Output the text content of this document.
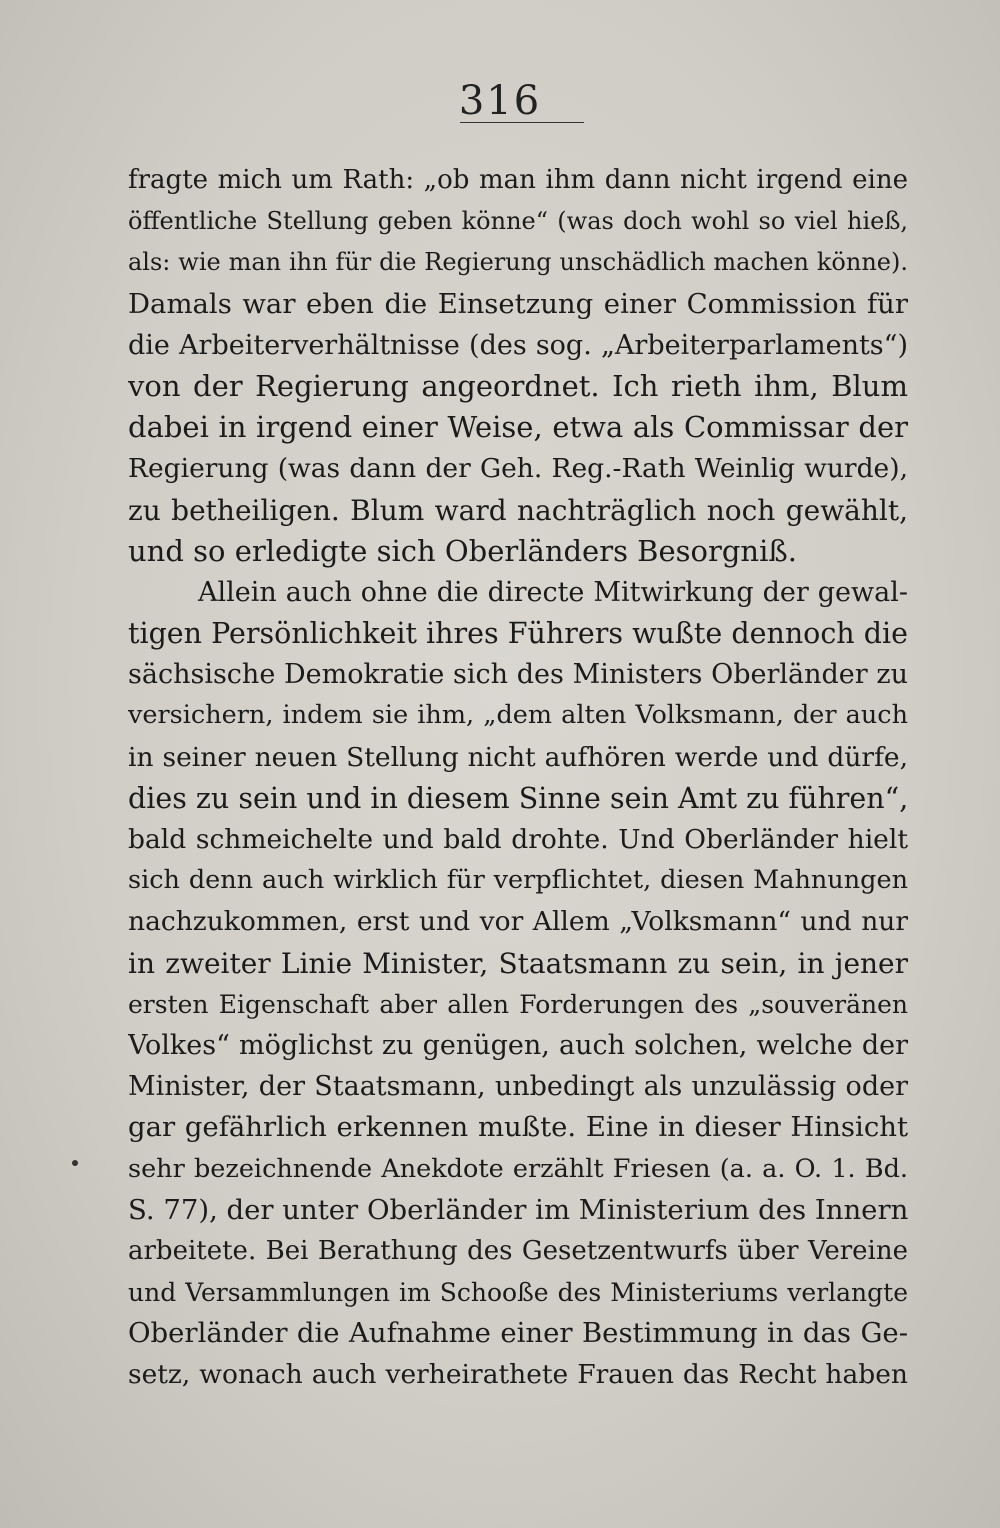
316
fragte mich um Rath: „ob man ihm dann nicht irgend eine
öffentliche Stellung geben könne“ (was doch wohl so viel hieß,
als: wie man ihn für die Regierung unschädlich machen könne).
Damals war eben die Einsetzung einer Commission für
die Arbeiterverhältnisse (des sog. „Arbeiterparlaments“)
von der Regierung angeordnet. Ich rieth ihm, Blum
dabei in irgend einer Weise, etwa als Commissar der
Regierung (was dann der Geh. Reg.-Rath Weinlig wurde),
zu betheiligen. Blum ward nachträglich noch gewählt,
und so erledigte sich Oberländers Besorgniß.
Allein auch ohne die directe Mitwirkung der gewal-
tigen Persönlichkeit ihres Führers wußte dennoch die
sächsische Demokratie sich des Ministers Oberländer zu
versichern, indem sie ihm, „dem alten Volksmann, der auch
in seiner neuen Stellung nicht aufhören werde und dürfe,
dies zu sein und in diesem Sinne sein Amt zu führen“,
bald schmeichelte und bald drohte. Und Oberländer hielt
sich denn auch wirklich für verpflichtet, diesen Mahnungen
nachzukommen, erst und vor Allem „Volksmann“ und nur
in zweiter Linie Minister, Staatsmann zu sein, in jener
ersten Eigenschaft aber allen Forderungen des „souveränen
Volkes“ möglichst zu genügen, auch solchen, welche der
Minister, der Staatsmann, unbedingt als unzulässig oder
gar gefährlich erkennen mußte. Eine in dieser Hinsicht
sehr bezeichnende Anekdote erzählt Friesen (a. a. O. 1. Bd.
S. 77), der unter Oberländer im Ministerium des Innern
arbeitete. Bei Berathung des Gesetzentwurfs über Vereine
und Versammlungen im Schooße des Ministeriums verlangte
Oberländer die Aufnahme einer Bestimmung in das Ge-
setz, wonach auch verheirathete Frauen das Recht haben
